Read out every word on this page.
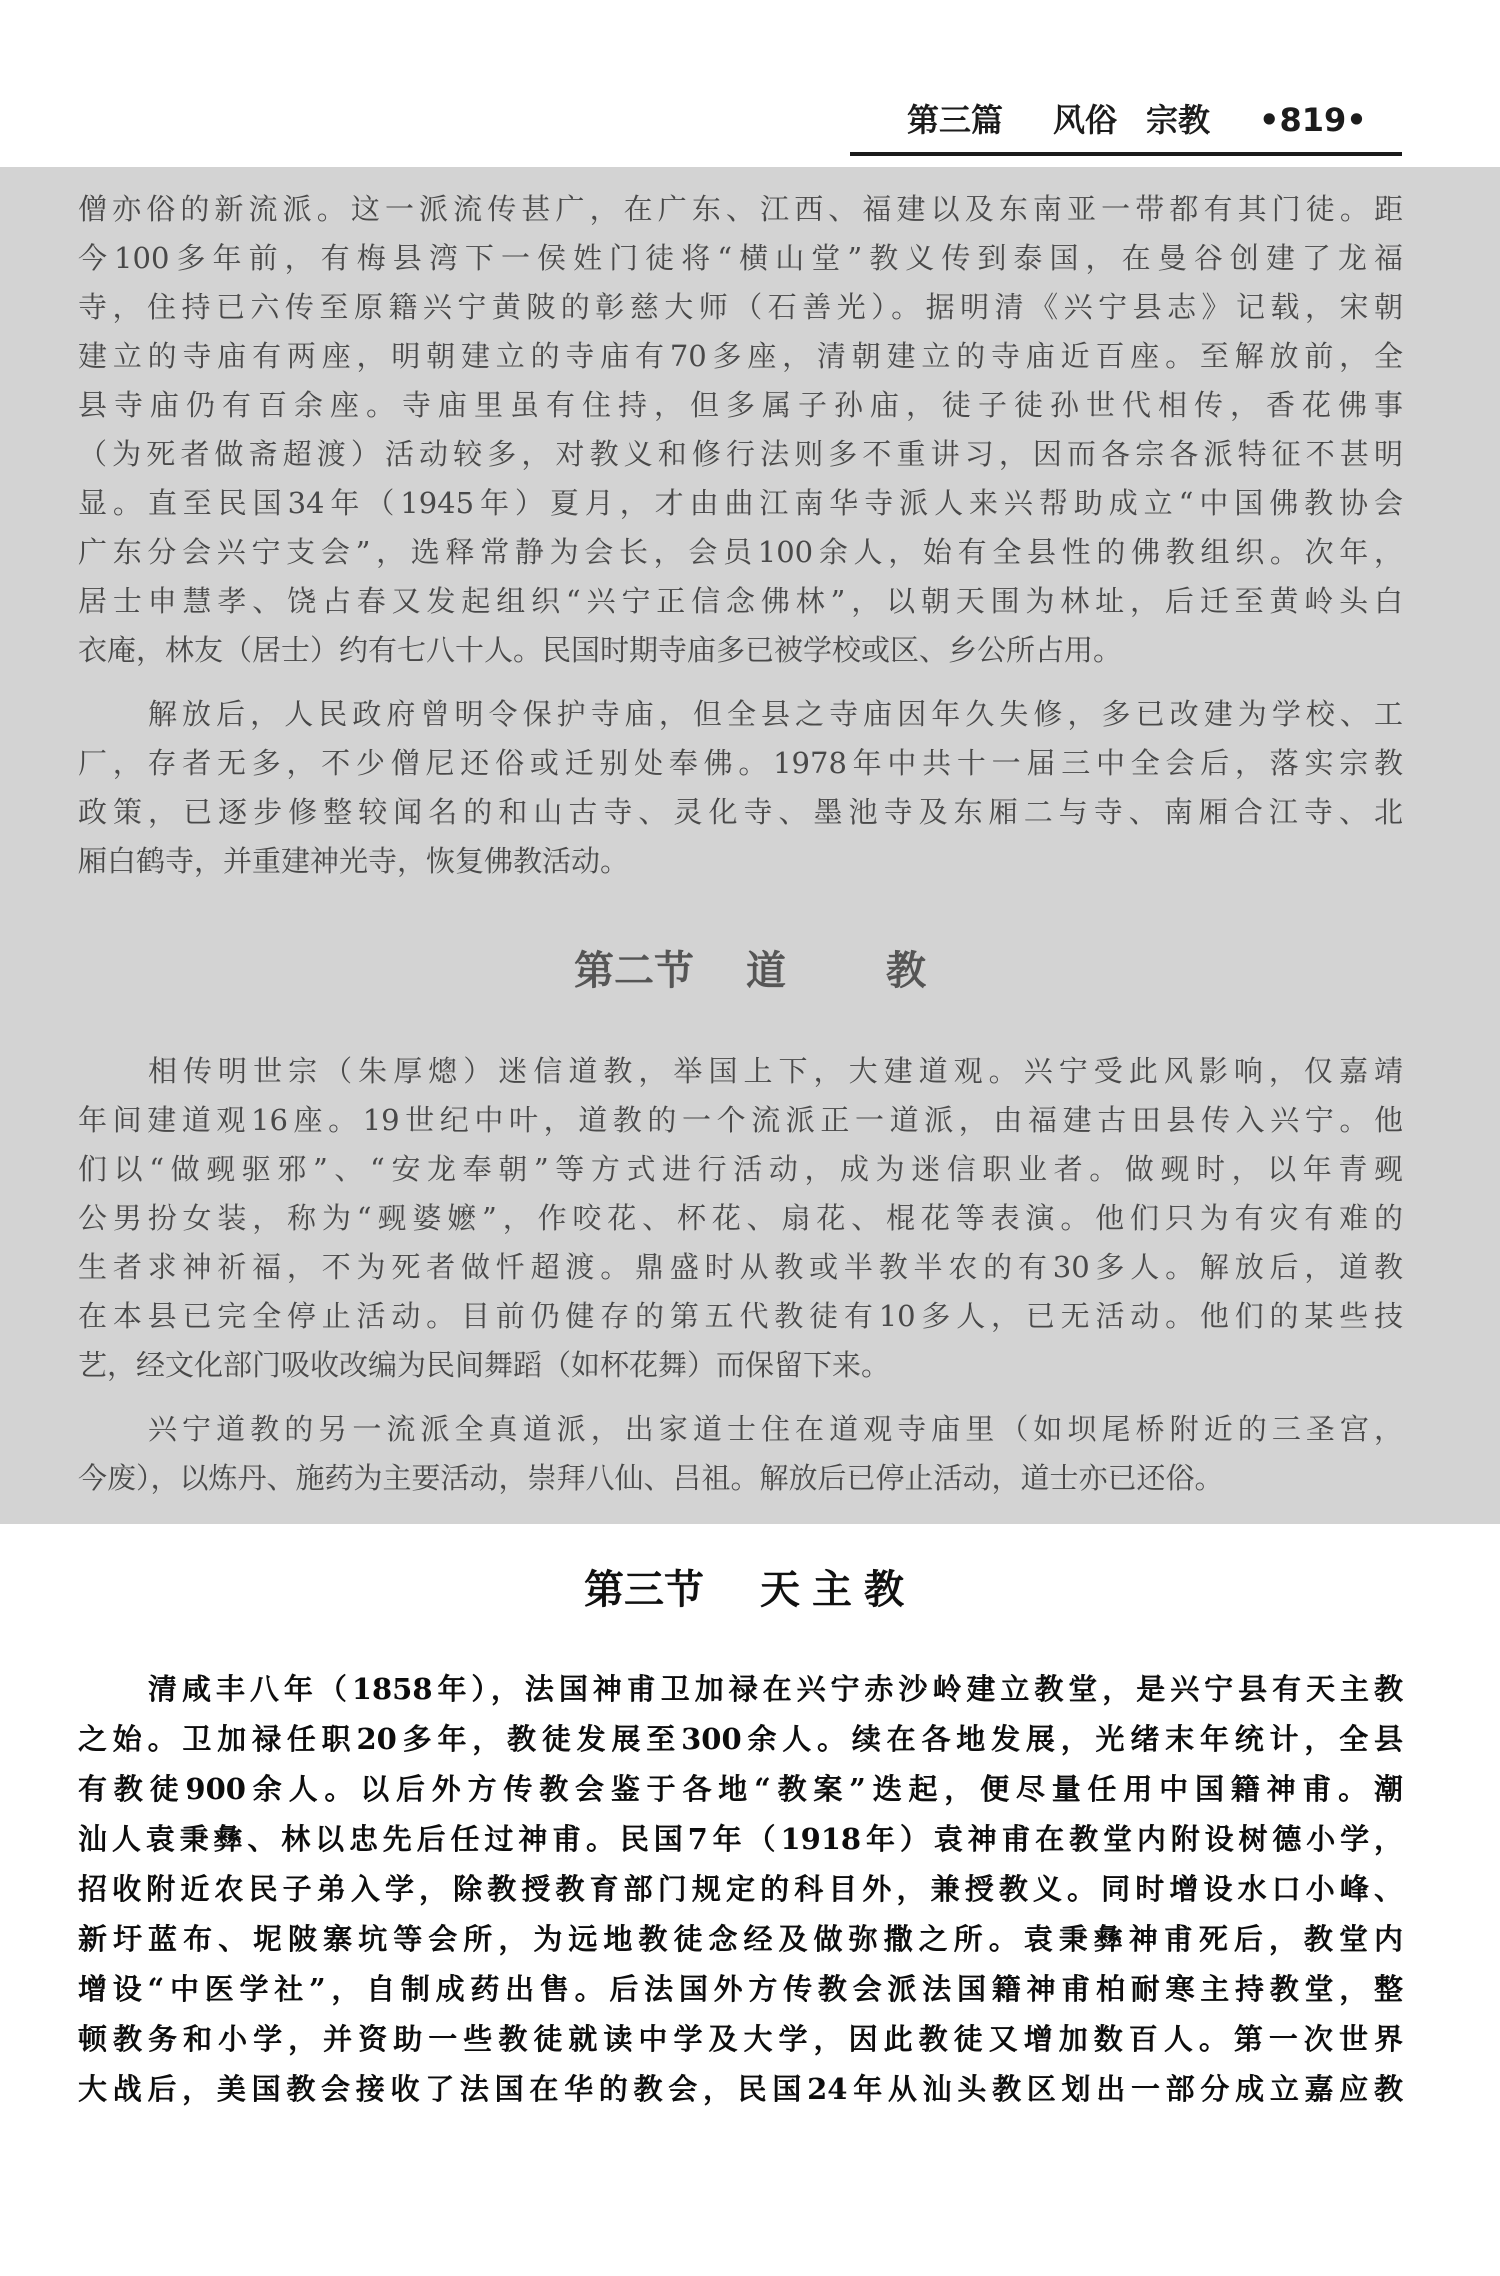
第三篇 风俗 宗教 •819•
僧亦俗的新流派。这一派流传甚广，在广东、江西、福建以及东南亚一带都有其门徒。距
今100多年前，有梅县湾下一侯姓门徒将“横山堂”教义传到泰国，在曼谷创建了龙福
寺，住持已六传至原籍兴宁黄陂的彰慈大师（石善光）。据明清《兴宁县志》记载，宋朝
建立的寺庙有两座，明朝建立的寺庙有70多座，清朝建立的寺庙近百座。至解放前，全
县寺庙仍有百余座。寺庙里虽有住持，但多属子孙庙，徒子徒孙世代相传，香花佛事
（为死者做斋超渡）活动较多，对教义和修行法则多不重讲习，因而各宗各派特征不甚明
显。直至民国34年（1945年）夏月，才由曲江南华寺派人来兴帮助成立“中国佛教协会
广东分会兴宁支会”，选释常静为会长，会员100余人，始有全县性的佛教组织。次年，
居士申慧孝、饶占春又发起组织“兴宁正信念佛林”，以朝天围为林址，后迁至黄岭头白
衣庵，林友（居士）约有七八十人。民国时期寺庙多已被学校或区、乡公所占用。
解放后，人民政府曾明令保护寺庙，但全县之寺庙因年久失修，多已改建为学校、工
厂，存者无多，不少僧尼还俗或迁别处奉佛。1978年中共十一届三中全会后，落实宗教
政策，已逐步修整较闻名的和山古寺、灵化寺、墨池寺及东厢二与寺、南厢合江寺、北
厢白鹤寺，并重建神光寺，恢复佛教活动。
第二节 道	教
相传明世宗（朱厚熜）迷信道教，举国上下，大建道观。兴宁受此风影响，仅嘉靖
年间建道观16座。19世纪中叶，道教的一个流派正一道派，由福建古田县传入兴宁。他
们以“做觋驱邪”、“安龙奉朝”等方式进行活动，成为迷信职业者。做觋时，以年青觋
公男扮女装，称为“觋婆嬷”，作咬花、杯花、扇花、棍花等表演。他们只为有灾有难的
生者求神祈福，不为死者做忏超渡。鼎盛时从教或半教半农的有30多人。解放后，道教
在本县已完全停止活动。目前仍健存的第五代教徒有10多人，已无活动。他们的某些技
艺，经文化部门吸收改编为民间舞蹈（如杯花舞）而保留下来。
兴宁道教的另一流派全真道派，出家道士住在道观寺庙里（如坝尾桥附近的三圣宫，
今废），以炼丹、施药为主要活动，崇拜八仙、吕祖。解放后已停止活动，道士亦已还俗。
第三节 天主教
清咸丰八年（1858年），法国神甫卫加禄在兴宁赤沙岭建立教堂，是兴宁县有天主教
之始。卫加禄任职20多年，教徒发展至300余人。续在各地发展，光绪末年统计，全县
有教徒900余人。以后外方传教会鉴于各地“教案”迭起，便尽量任用中国籍神甫。潮
汕人袁秉彝、林以忠先后任过神甫。民国7年（1918年）袁神甫在教堂内附设树德小学，
招收附近农民子弟入学，除教授教育部门规定的科目外，兼授教义。同时增设水口小峰、
新圩蓝布、坭陂寨坑等会所，为远地教徒念经及做弥撒之所。袁秉彝神甫死后，教堂内
增设“中医学社”，自制成药出售。后法国外方传教会派法国籍神甫柏耐寒主持教堂，整
顿教务和小学，并资助一些教徒就读中学及大学，因此教徒又增加数百人。第一次世界
大战后，美国教会接收了法国在华的教会，民国24年从汕头教区划出一部分成立嘉应教
